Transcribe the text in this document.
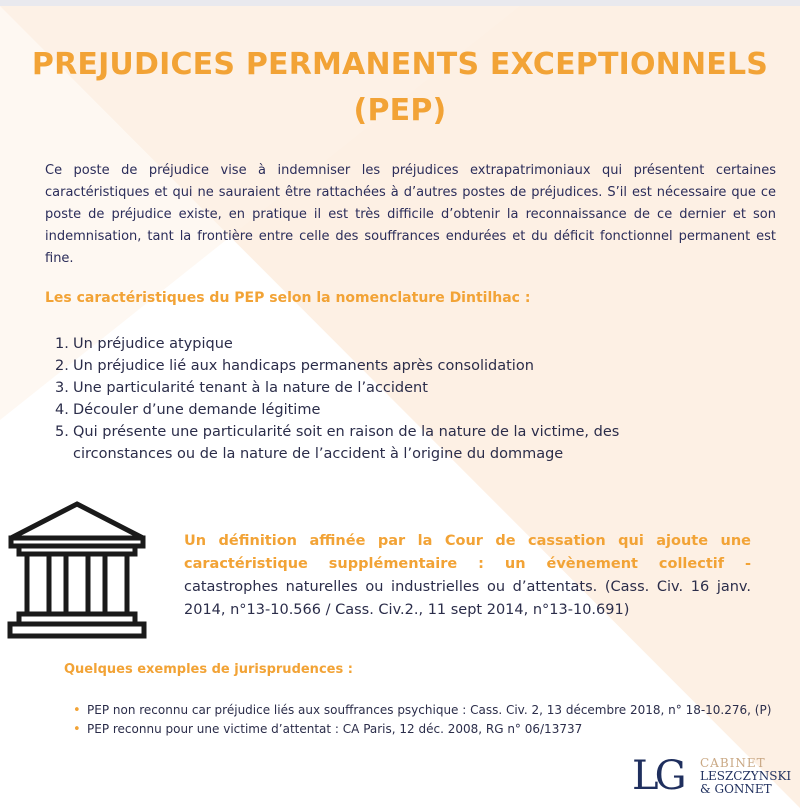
PREJUDICES PERMANENTS EXCEPTIONNELS (PEP)
Ce poste de préjudice vise à indemniser les préjudices extrapatrimoniaux qui présentent certaines caractéristiques et qui ne sauraient être rattachées à d’autres postes de préjudices. S’il est nécessaire que ce poste de préjudice existe, en pratique il est très difficile d’obtenir la reconnaissance de ce dernier et son indemnisation, tant la frontière entre celle des souffrances endurées et du déficit fonctionnel permanent est fine.
Les caractéristiques du PEP selon la nomenclature Dintilhac :
1. Un préjudice atypique
2. Un préjudice lié aux handicaps permanents après consolidation
3. Une particularité tenant à la nature de l’accident
4. Découler d’une demande légitime
5. Qui présente une particularité soit en raison de la nature de la victime, des circonstances ou de la nature de l’accident à l’origine du dommage
Un définition affinée par la Cour de cassation qui ajoute une caractéristique supplémentaire : un évènement collectif - catastrophes naturelles ou industrielles ou d’attentats. (Cass. Civ. 16 janv. 2014, n°13-10.566 / Cass. Civ.2., 11 sept 2014, n°13-10.691)
Quelques exemples de jurisprudences :
• PEP non reconnu car préjudice liés aux souffrances psychique : Cass. Civ. 2, 13 décembre 2018, n° 18-10.276, (P)
• PEP reconnu pour une victime d’attentat : CA Paris, 12 déc. 2008, RG n° 06/13737
LG CABINET
LESZCZYNSKI
& GONNET
